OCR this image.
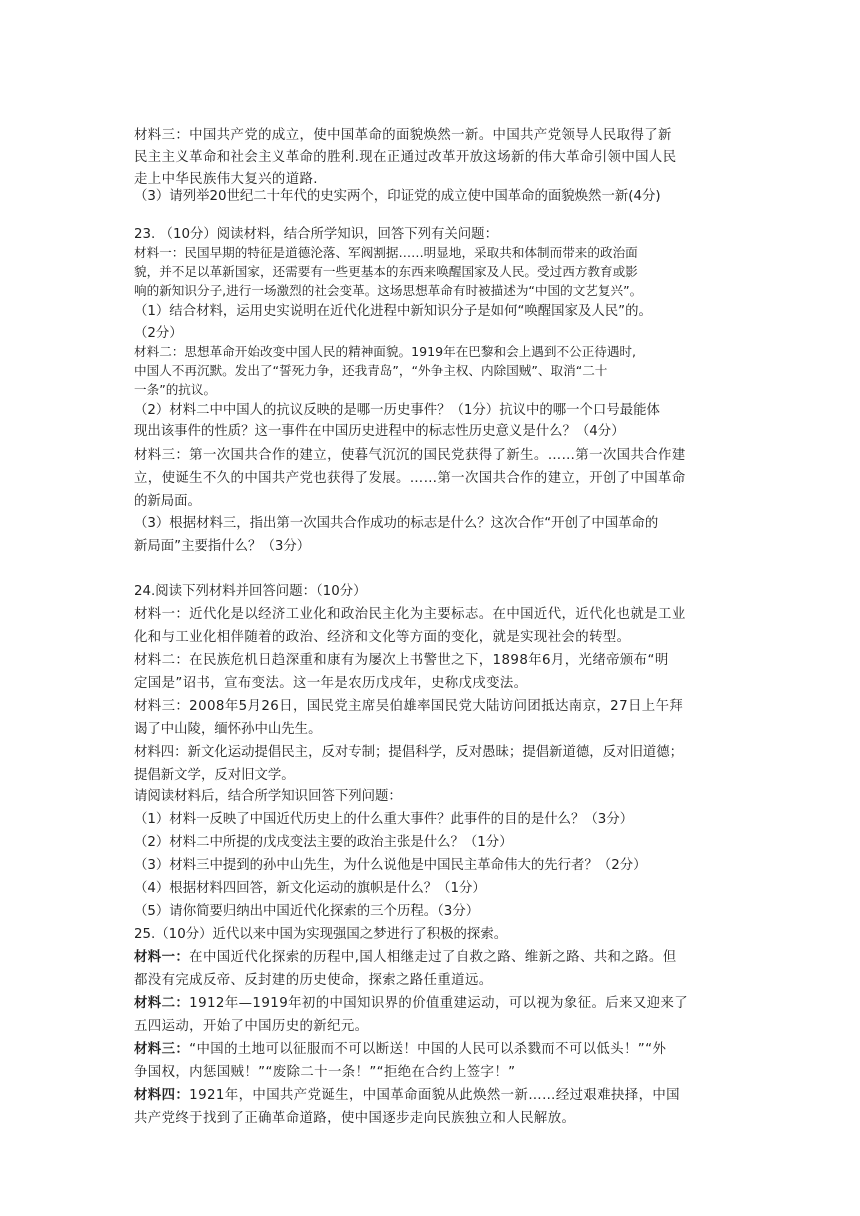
材料三：中国共产党的成立，使中国革命的面貌焕然一新。中国共产党领导人民取得了新
民主主义革命和社会主义革命的胜利.现在正通过改革开放这场新的伟大革命引领中国人民
走上中华民族伟大复兴的道路.
（3）请列举20世纪二十年代的史实两个，印证党的成立使中国革命的面貌焕然一新(4分)
23. （10分）阅读材料，结合所学知识，回答下列有关问题：
材料一：民国早期的特征是道德沦落、军阀割据……明显地，采取共和体制而带来的政治面
貌，并不足以革新国家，还需要有一些更基本的东西来唤醒国家及人民。受过西方教育或影
响的新知识分子,进行一场激烈的社会变革。这场思想革命有时被描述为“中国的文艺复兴”。
（1）结合材料，运用史实说明在近代化进程中新知识分子是如何“唤醒国家及人民”的。
（2分）
材料二：思想革命开始改变中国人民的精神面貌。1919年在巴黎和会上遇到不公正待遇时,
中国人不再沉默。发出了“誓死力争，还我青岛”，“外争主权、内除国贼”、取消“二十
一条”的抗议。
（2）材料二中中国人的抗议反映的是哪一历史事件？（1分）抗议中的哪一个口号最能体
现出该事件的性质？这一事件在中国历史进程中的标志性历史意义是什么？（4分）
材料三：第一次国共合作的建立，使暮气沉沉的国民党获得了新生。……第一次国共合作建
立，使诞生不久的中国共产党也获得了发展。……第一次国共合作的建立，开创了中国革命
的新局面。
（3）根据材料三，指出第一次国共合作成功的标志是什么？这次合作“开创了中国革命的
新局面”主要指什么？（3分）
24.阅读下列材料并回答问题：（10分）
材料一：近代化是以经济工业化和政治民主化为主要标志。在中国近代，近代化也就是工业
化和与工业化相伴随着的政治、经济和文化等方面的变化，就是实现社会的转型。
材料二：在民族危机日趋深重和康有为屡次上书警世之下，1898年6月，光绪帝颁布“明
定国是”诏书，宣布变法。这一年是农历戊戌年，史称戊戌变法。
材料三：2008年5月26日，国民党主席吴伯雄率国民党大陆访问团抵达南京，27日上午拜
谒了中山陵，缅怀孙中山先生。
材料四：新文化运动提倡民主，反对专制；提倡科学，反对愚昧；提倡新道德，反对旧道德；
提倡新文学，反对旧文学。
请阅读材料后，结合所学知识回答下列问题：
（1）材料一反映了中国近代历史上的什么重大事件？此事件的目的是什么？（3分）
（2）材料二中所提的戊戌变法主要的政治主张是什么？（1分）
（3）材料三中提到的孙中山先生，为什么说他是中国民主革命伟大的先行者？（2分）
（4）根据材料四回答，新文化运动的旗帜是什么？（1分）
（5）请你简要归纳出中国近代化探索的三个历程。（3分）
25.（10分）近代以来中国为实现强国之梦进行了积极的探索。
材料一：在中国近代化探索的历程中,国人相继走过了自救之路、维新之路、共和之路。但
都没有完成反帝、反封建的历史使命，探索之路任重道远。
材料二：1912年—1919年初的中国知识界的价值重建运动，可以视为象征。后来又迎来了
五四运动，开始了中国历史的新纪元。
材料三：“中国的土地可以征服而不可以断送！中国的人民可以杀戮而不可以低头！”“外
争国权，内惩国贼！”“废除二十一条！”“拒绝在合约上签字！”
材料四：1921年，中国共产党诞生，中国革命面貌从此焕然一新……经过艰难抉择，中国
共产党终于找到了正确革命道路，使中国逐步走向民族独立和人民解放。
